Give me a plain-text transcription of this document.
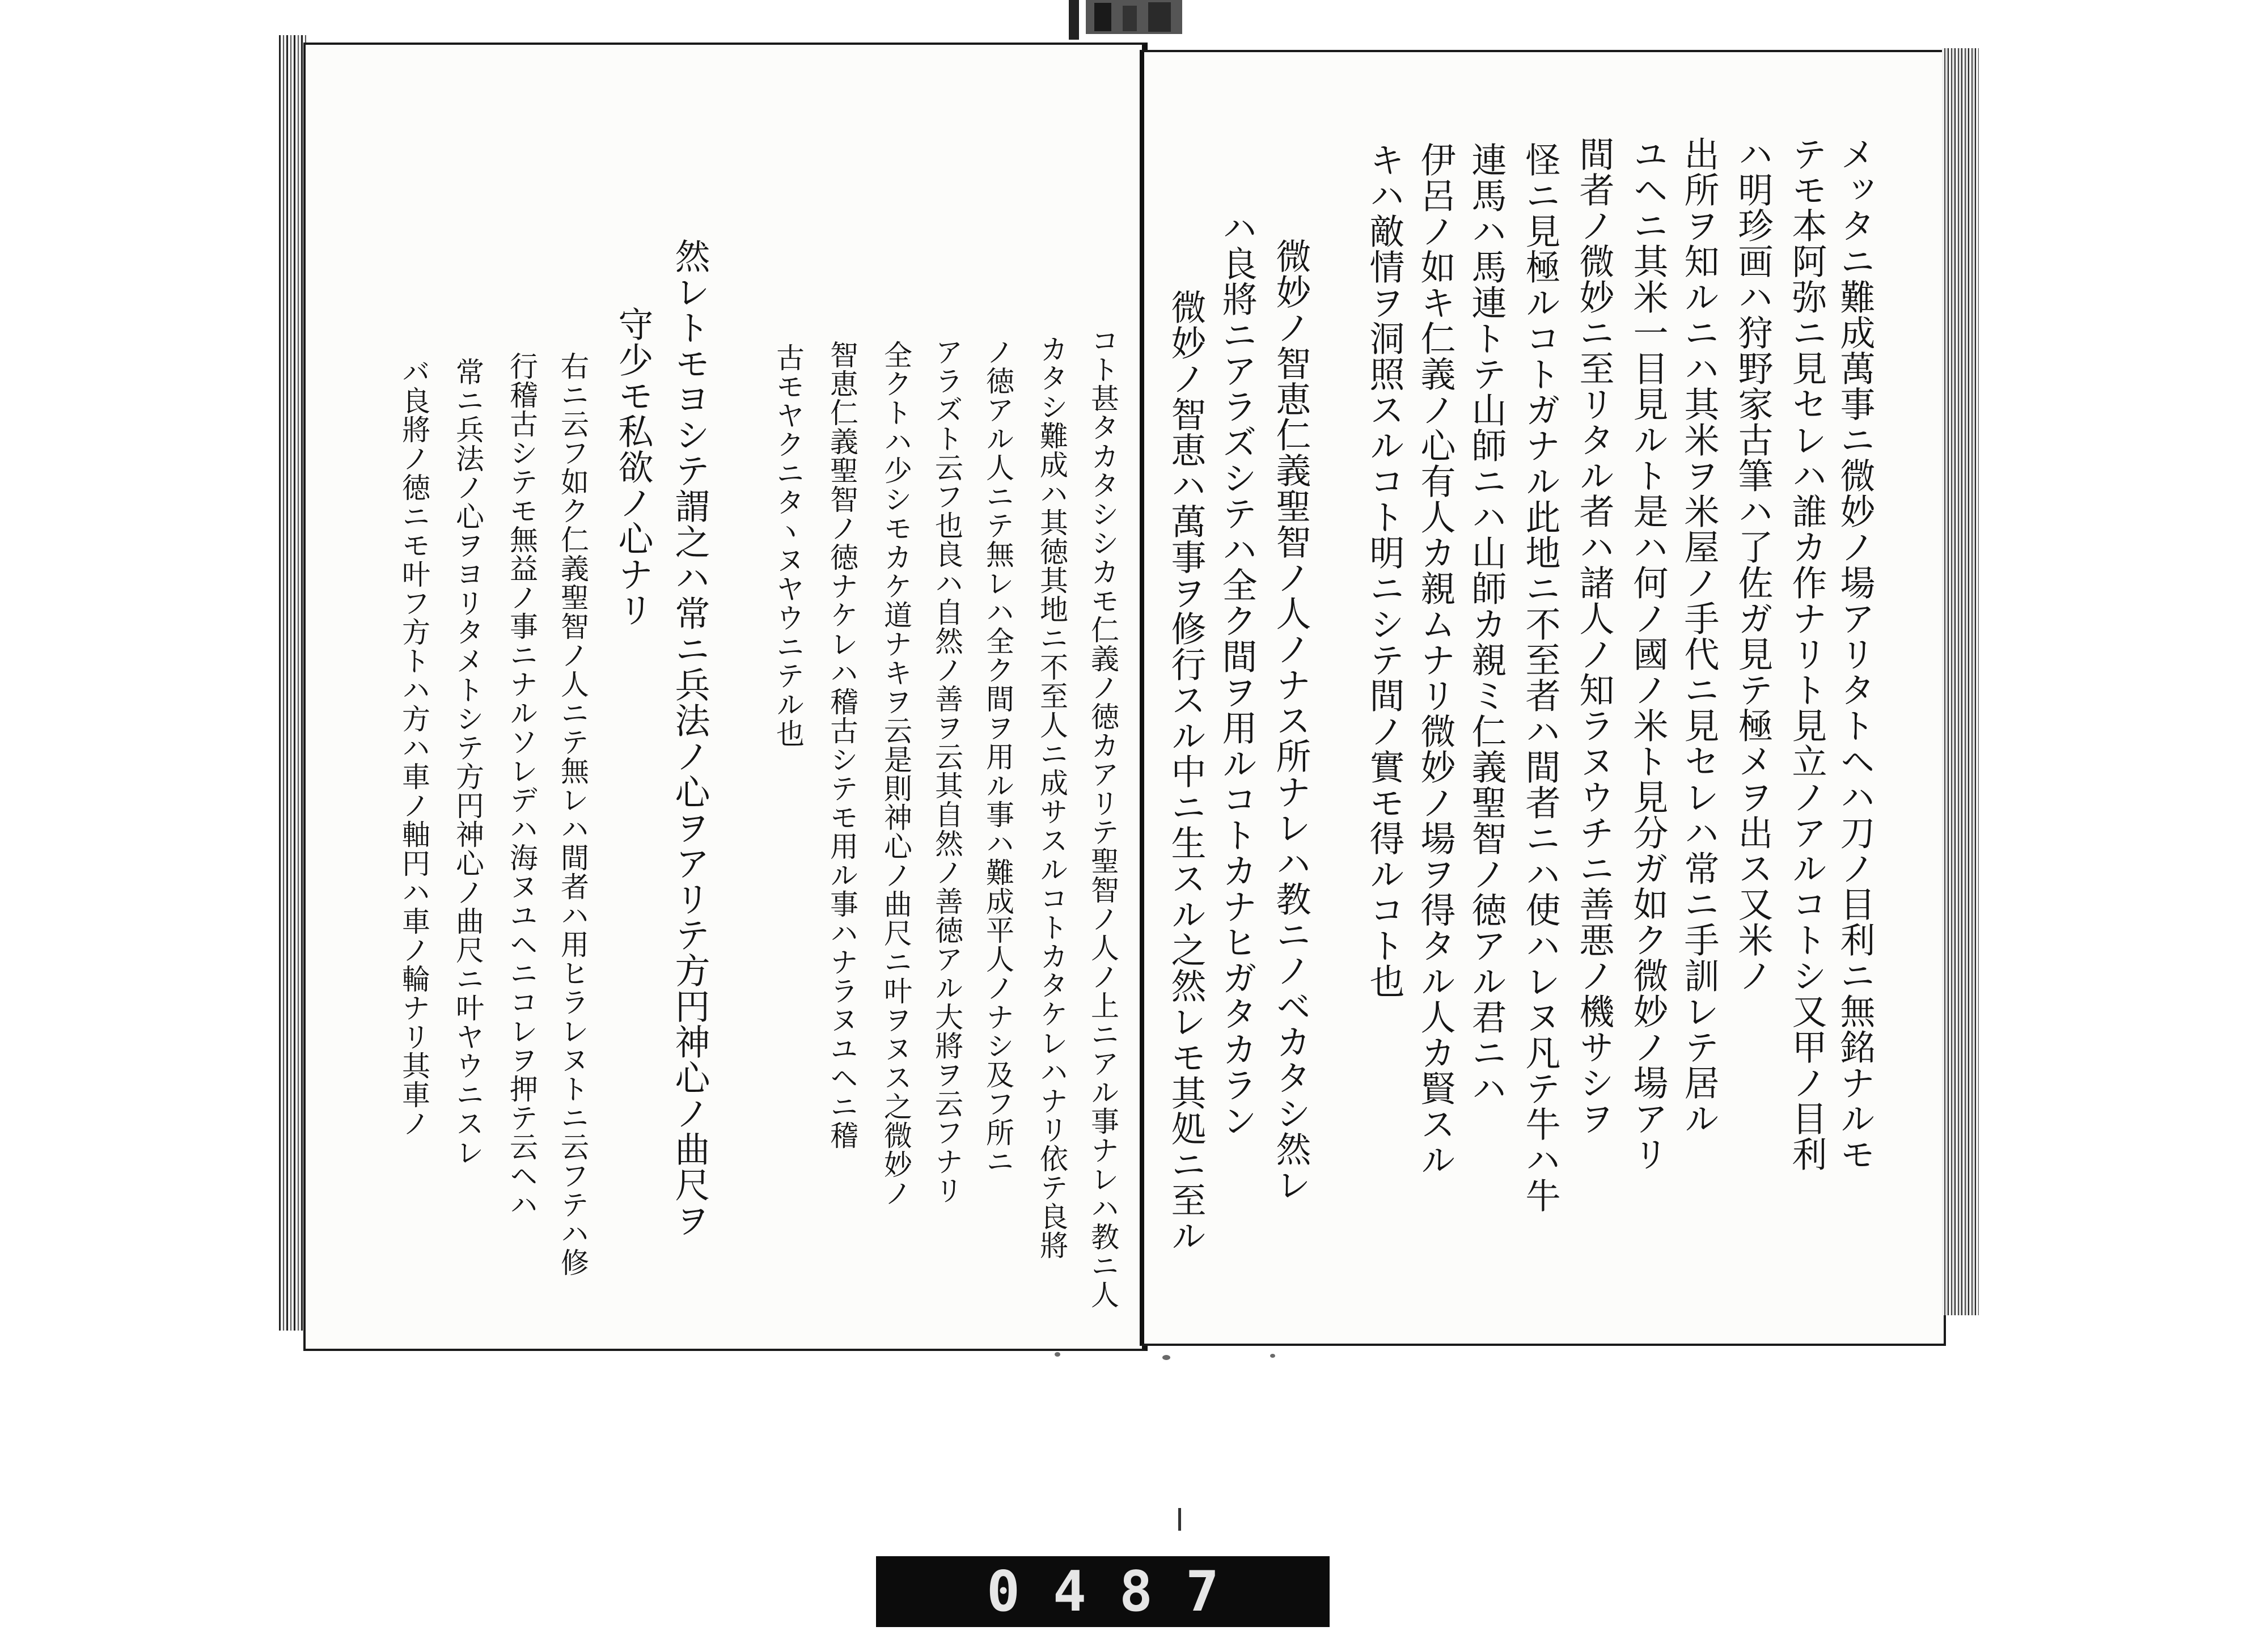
メッタニ難成萬事ニ微妙ノ場アリタトヘハ刀ノ目利ニ無銘ナルモ
テモ本阿弥ニ見セレハ誰カ作ナリト見立ノアルコトシ又甲ノ目利
ハ明珍画ハ狩野家古筆ハ了佐ガ見テ極メヲ出ス又米ノ
出所ヲ知ルニハ其米ヲ米屋ノ手代ニ見セレハ常ニ手訓レテ居ル
ユヘニ其米一目見ルト是ハ何ノ國ノ米ト見分ガ如ク微妙ノ場アリ
間者ノ微妙ニ至リタル者ハ諸人ノ知ラヌウチニ善悪ノ機サシヲ
怪ニ見極ルコトガナル此地ニ不至者ハ間者ニハ使ハレヌ凡テ牛ハ牛
連馬ハ馬連トテ山師ニハ山師カ親ミ仁義聖智ノ徳アル君ニハ
伊呂ノ如キ仁義ノ心有人カ親ムナリ微妙ノ場ヲ得タル人カ賢スル
キハ敵情ヲ洞照スルコト明ニシテ間ノ實モ得ルコト也
微妙ノ智恵仁義聖智ノ人ノナス所ナレハ教ニノベカタシ然レ
ハ良將ニアラズシテハ全ク間ヲ用ルコトカナヒガタカラン
微妙ノ智恵ハ萬事ヲ修行スル中ニ生スル之然レモ其処ニ至ル
コト甚タカタシシカモ仁義ノ徳カアリテ聖智ノ人ノ上ニアル事ナレハ教ニ人
カタシ難成ハ其徳其地ニ不至人ニ成サスルコトカタケレハナリ依テ良將
ノ徳アル人ニテ無レハ全ク間ヲ用ル事ハ難成平人ノナシ及フ所ニ
アラズト云フ也良ハ自然ノ善ヲ云其自然ノ善徳アル大將ヲ云フナリ
全クトハ少シモカケ道ナキヲ云是則神心ノ曲尺ニ叶ヲヌス之微妙ノ
智恵仁義聖智ノ徳ナケレハ稽古シテモ用ル事ハナラヌユヘニ稽
古モヤクニタヽヌヤウニテル也
然レトモヨシテ謂之ハ常ニ兵法ノ心ヲアリテ方円神心ノ曲尺ヲ
守少モ私欲ノ心ナリ
右ニ云フ如ク仁義聖智ノ人ニテ無レハ間者ハ用ヒラレヌトニ云フテハ修
行稽古シテモ無益ノ事ニナルソレデハ海ヌユヘニコレヲ押テ云ヘハ
常ニ兵法ノ心ヲヨリタメトシテ方円神心ノ曲尺ニ叶ヤウニスレ
バ良將ノ徳ニモ叶フ方トハ方ハ車ノ軸円ハ車ノ輪ナリ其車ノ
0487
